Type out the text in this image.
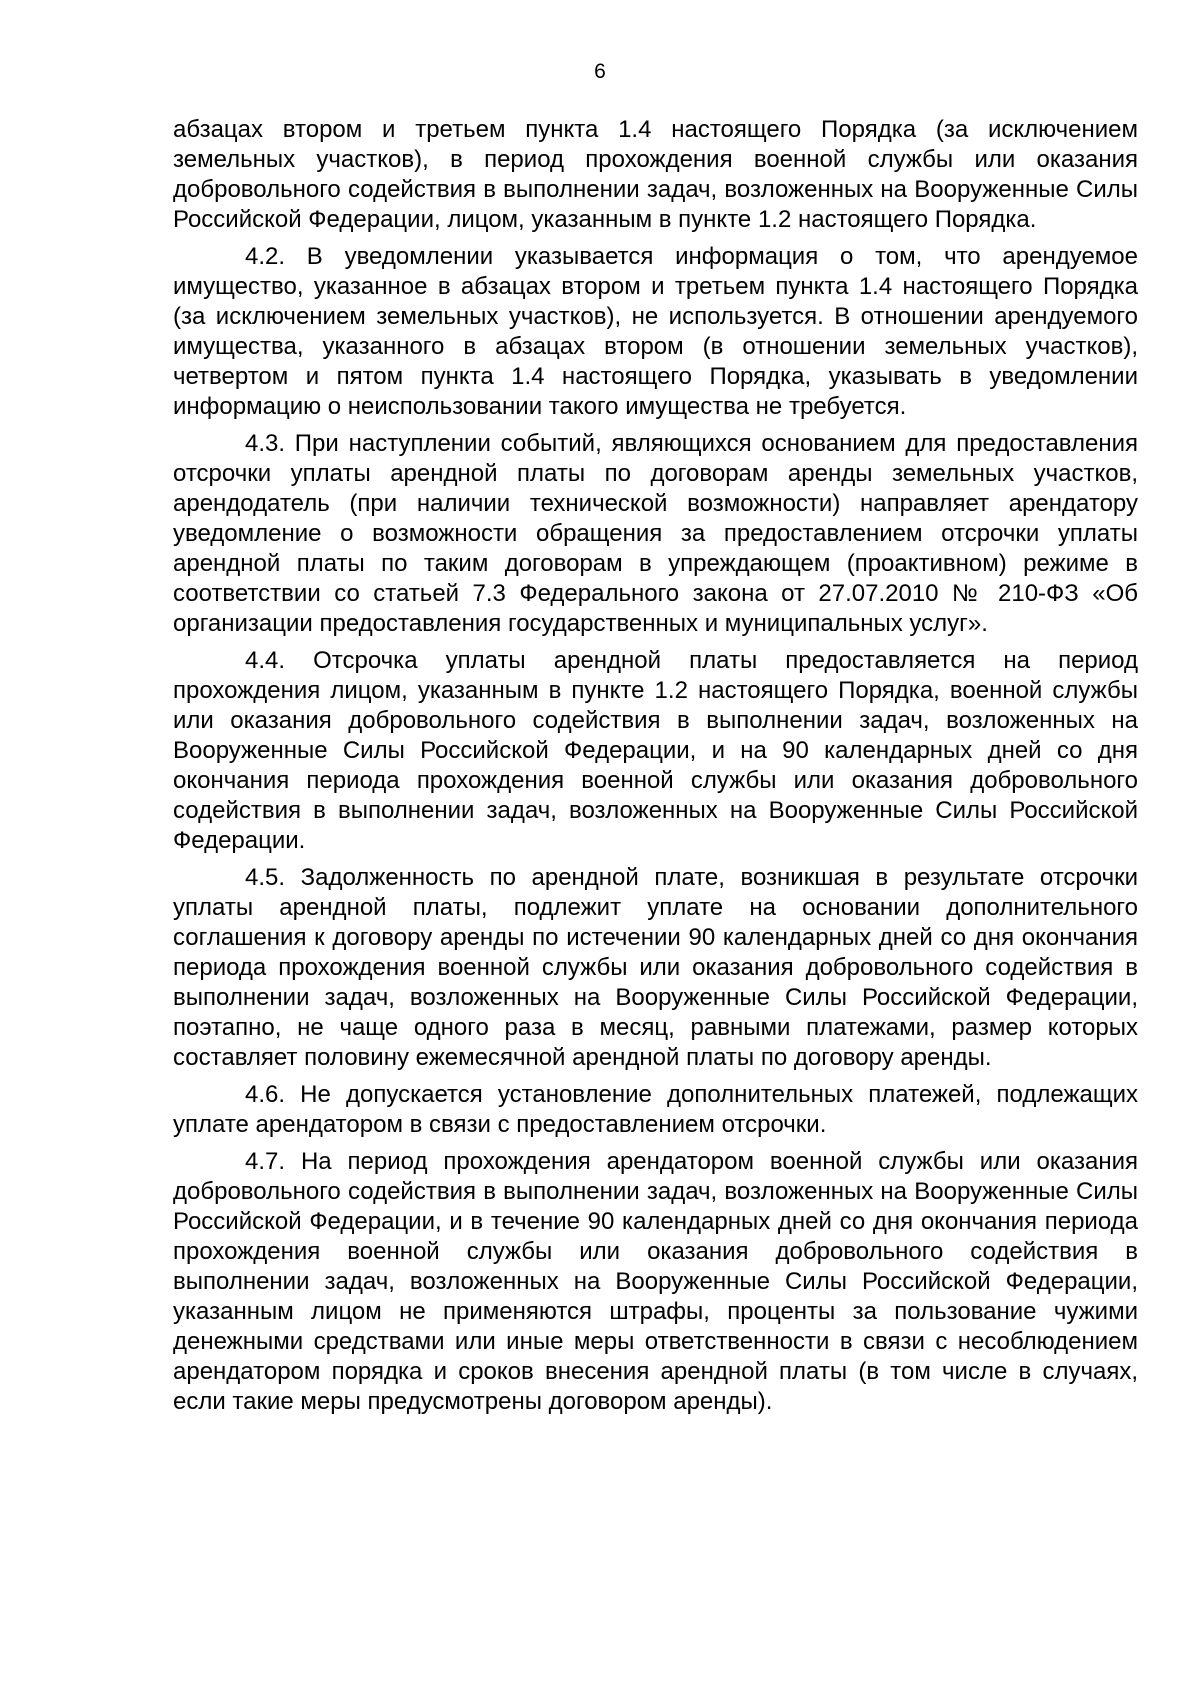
6

абзацах втором и третьем пункта 1.4 настоящего Порядка (за исключением земельных участков), в период прохождения военной службы или оказания добровольного содействия в выполнении задач, возложенных на Вооруженные Силы Российской Федерации, лицом, указанным в пункте 1.2 настоящего Порядка.

4.2. В уведомлении указывается информация о том, что арендуемое имущество, указанное в абзацах втором и третьем пункта 1.4 настоящего Порядка (за исключением земельных участков), не используется. В отношении арендуемого имущества, указанного в абзацах втором (в отношении земельных участков), четвертом и пятом пункта 1.4 настоящего Порядка, указывать в уведомлении информацию о неиспользовании такого имущества не требуется.

4.3. При наступлении событий, являющихся основанием для предоставления отсрочки уплаты арендной платы по договорам аренды земельных участков, арендодатель (при наличии технической возможности) направляет арендатору уведомление о возможности обращения за предоставлением отсрочки уплаты арендной платы по таким договорам в упреждающем (проактивном) режиме в соответствии со статьей 7.3 Федерального закона от 27.07.2010 № 210-ФЗ «Об организации предоставления государственных и муниципальных услуг».

4.4. Отсрочка уплаты арендной платы предоставляется на период прохождения лицом, указанным в пункте 1.2 настоящего Порядка, военной службы или оказания добровольного содействия в выполнении задач, возложенных на Вооруженные Силы Российской Федерации, и на 90 календарных дней со дня окончания периода прохождения военной службы или оказания добровольного содействия в выполнении задач, возложенных на Вооруженные Силы Российской Федерации.

4.5. Задолженность по арендной плате, возникшая в результате отсрочки уплаты арендной платы, подлежит уплате на основании дополнительного соглашения к договору аренды по истечении 90 календарных дней со дня окончания периода прохождения военной службы или оказания добровольного содействия в выполнении задач, возложенных на Вооруженные Силы Российской Федерации, поэтапно, не чаще одного раза в месяц, равными платежами, размер которых составляет половину ежемесячной арендной платы по договору аренды.

4.6. Не допускается установление дополнительных платежей, подлежащих уплате арендатором в связи с предоставлением отсрочки.

4.7. На период прохождения арендатором военной службы или оказания добровольного содействия в выполнении задач, возложенных на Вооруженные Силы Российской Федерации, и в течение 90 календарных дней со дня окончания периода прохождения военной службы или оказания добровольного содействия в выполнении задач, возложенных на Вооруженные Силы Российской Федерации, указанным лицом не применяются штрафы, проценты за пользование чужими денежными средствами или иные меры ответственности в связи с несоблюдением арендатором порядка и сроков внесения арендной платы (в том числе в случаях, если такие меры предусмотрены договором аренды).
